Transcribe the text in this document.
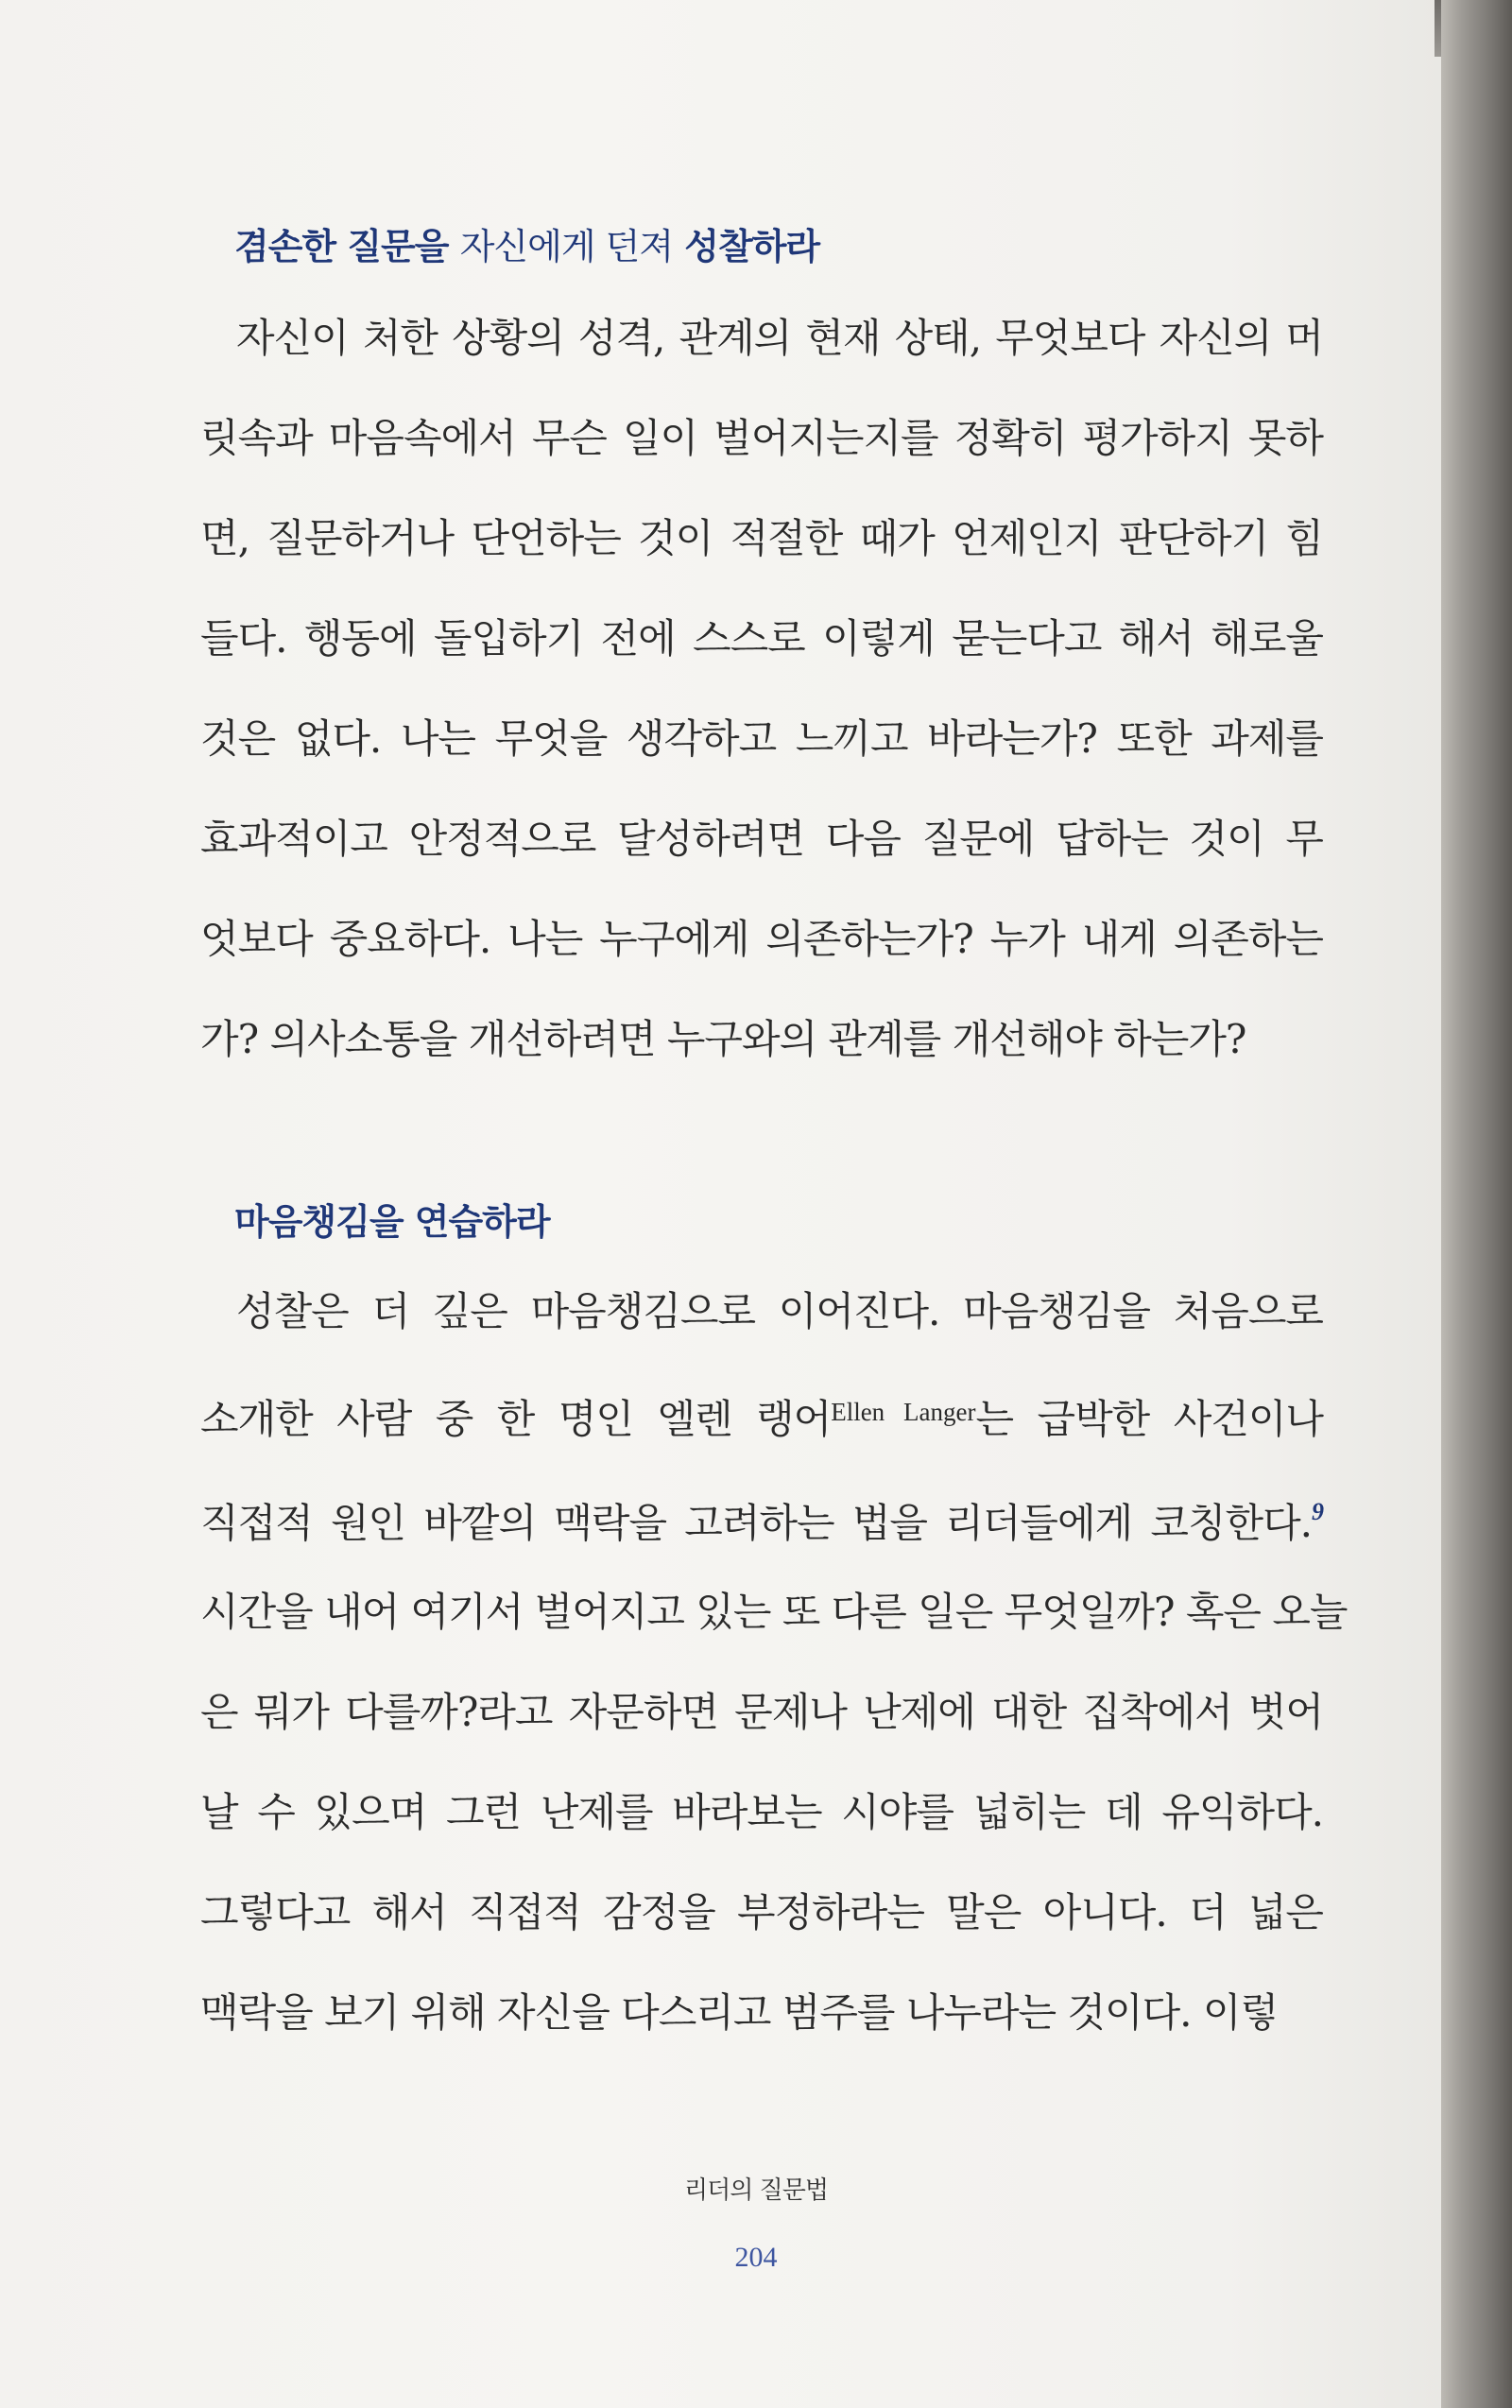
겸손한 질문을 자신에게 던져 성찰하라
자신이 처한 상황의 성격, 관계의 현재 상태, 무엇보다 자신의 머
릿속과 마음속에서 무슨 일이 벌어지는지를 정확히 평가하지 못하
면, 질문하거나 단언하는 것이 적절한 때가 언제인지 판단하기 힘
들다. 행동에 돌입하기 전에 스스로 이렇게 묻는다고 해서 해로울
것은 없다. 나는 무엇을 생각하고 느끼고 바라는가? 또한 과제를
효과적이고 안정적으로 달성하려면 다음 질문에 답하는 것이 무
엇보다 중요하다. 나는 누구에게 의존하는가? 누가 내게 의존하는
가? 의사소통을 개선하려면 누구와의 관계를 개선해야 하는가?
마음챙김을 연습하라
성찰은 더 깊은 마음챙김으로 이어진다. 마음챙김을 처음으로
소개한 사람 중 한 명인 엘렌 랭어$^{Ellen Langer}$는 급박한 사건이나
직접적 원인 바깥의 맥락을 고려하는 법을 리더들에게 코칭한다.$^9$
시간을 내어 여기서 벌어지고 있는 또 다른 일은 무엇일까? 혹은 오늘
은 뭐가 다를까?라고 자문하면 문제나 난제에 대한 집착에서 벗어
날 수 있으며 그런 난제를 바라보는 시야를 넓히는 데 유익하다.
그렇다고 해서 직접적 감정을 부정하라는 말은 아니다. 더 넓은
맥락을 보기 위해 자신을 다스리고 범주를 나누라는 것이다. 이렇
리더의 질문법
204
